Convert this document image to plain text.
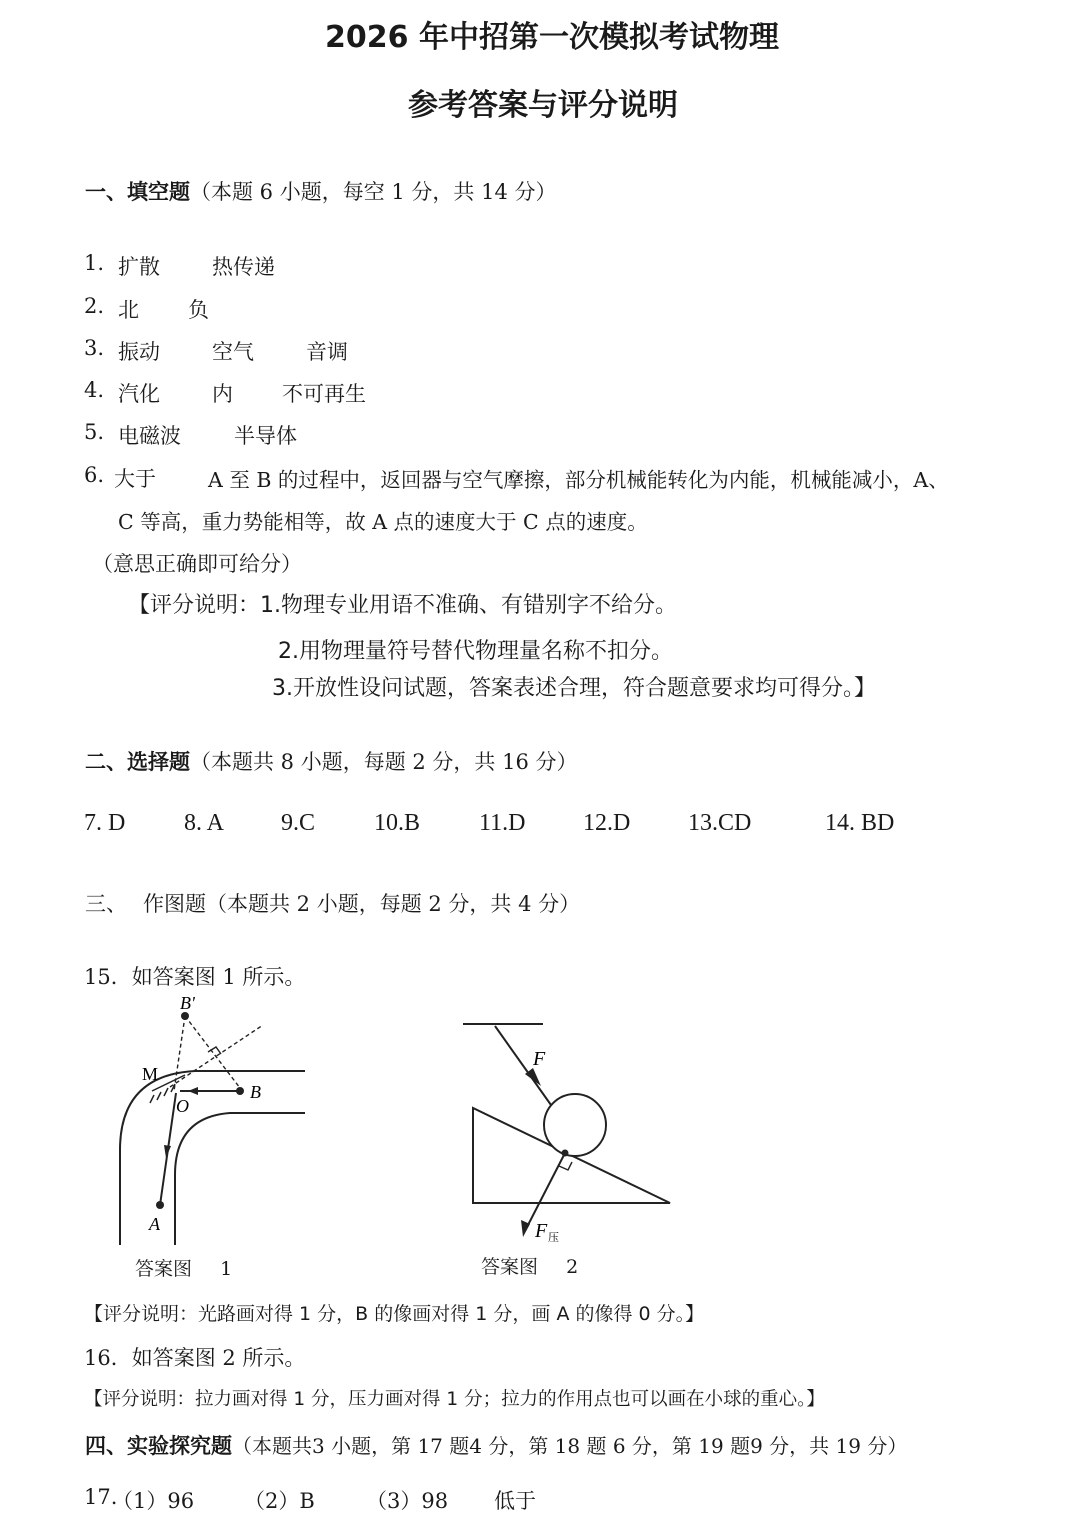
2026 年中招第一次模拟考试物理
参考答案与评分说明
一、填空题（本题 6 小题，每空 1 分，共 14 分）
1. 扩散 热传递
2. 北 负
3. 振动 空气 音调
4. 汽化 内 不可再生
5. 电磁波	半导体
6. 大于	A 至 B 的过程中，返回器与空气摩擦，部分机械能转化为内能，机械能减小，A、
C 等高，重力势能相等，故 A 点的速度大于 C 点的速度。
（意思正确即可给分）
【评分说明：1.物理专业用语不准确、有错别字不给分。
2.用物理量符号替代物理量名称不扣分。
3.开放性设问试题，答案表述合理，符合题意要求均可得分。】
二、选择题（本题共 8 小题，每题 2 分，共 16 分）
7. D 8. A 9.C 10.B 11.D 12.D 13.CD	14. BD
三、 作图题 （本题共 2 小题，每题 2 分，共 4 分）
15．如答案图 1 所示。
B'
M
O
B
A
答案图 1
F
F 压
答案图 2
【评分说明：光路画对得 1 分，B 的像画对得 1 分，画 A 的像得 0 分。】
16．如答案图 2 所示。
【评分说明：拉力画对得 1 分，压力画对得 1 分；拉力的作用点也可以画在小球的重心。】
四、实验探究题（本题共3 小题，第 17 题4 分，第 18 题 6 分，第 19 题9 分，共 19 分）
17.
（1）96 （2）B （3）98 低于
